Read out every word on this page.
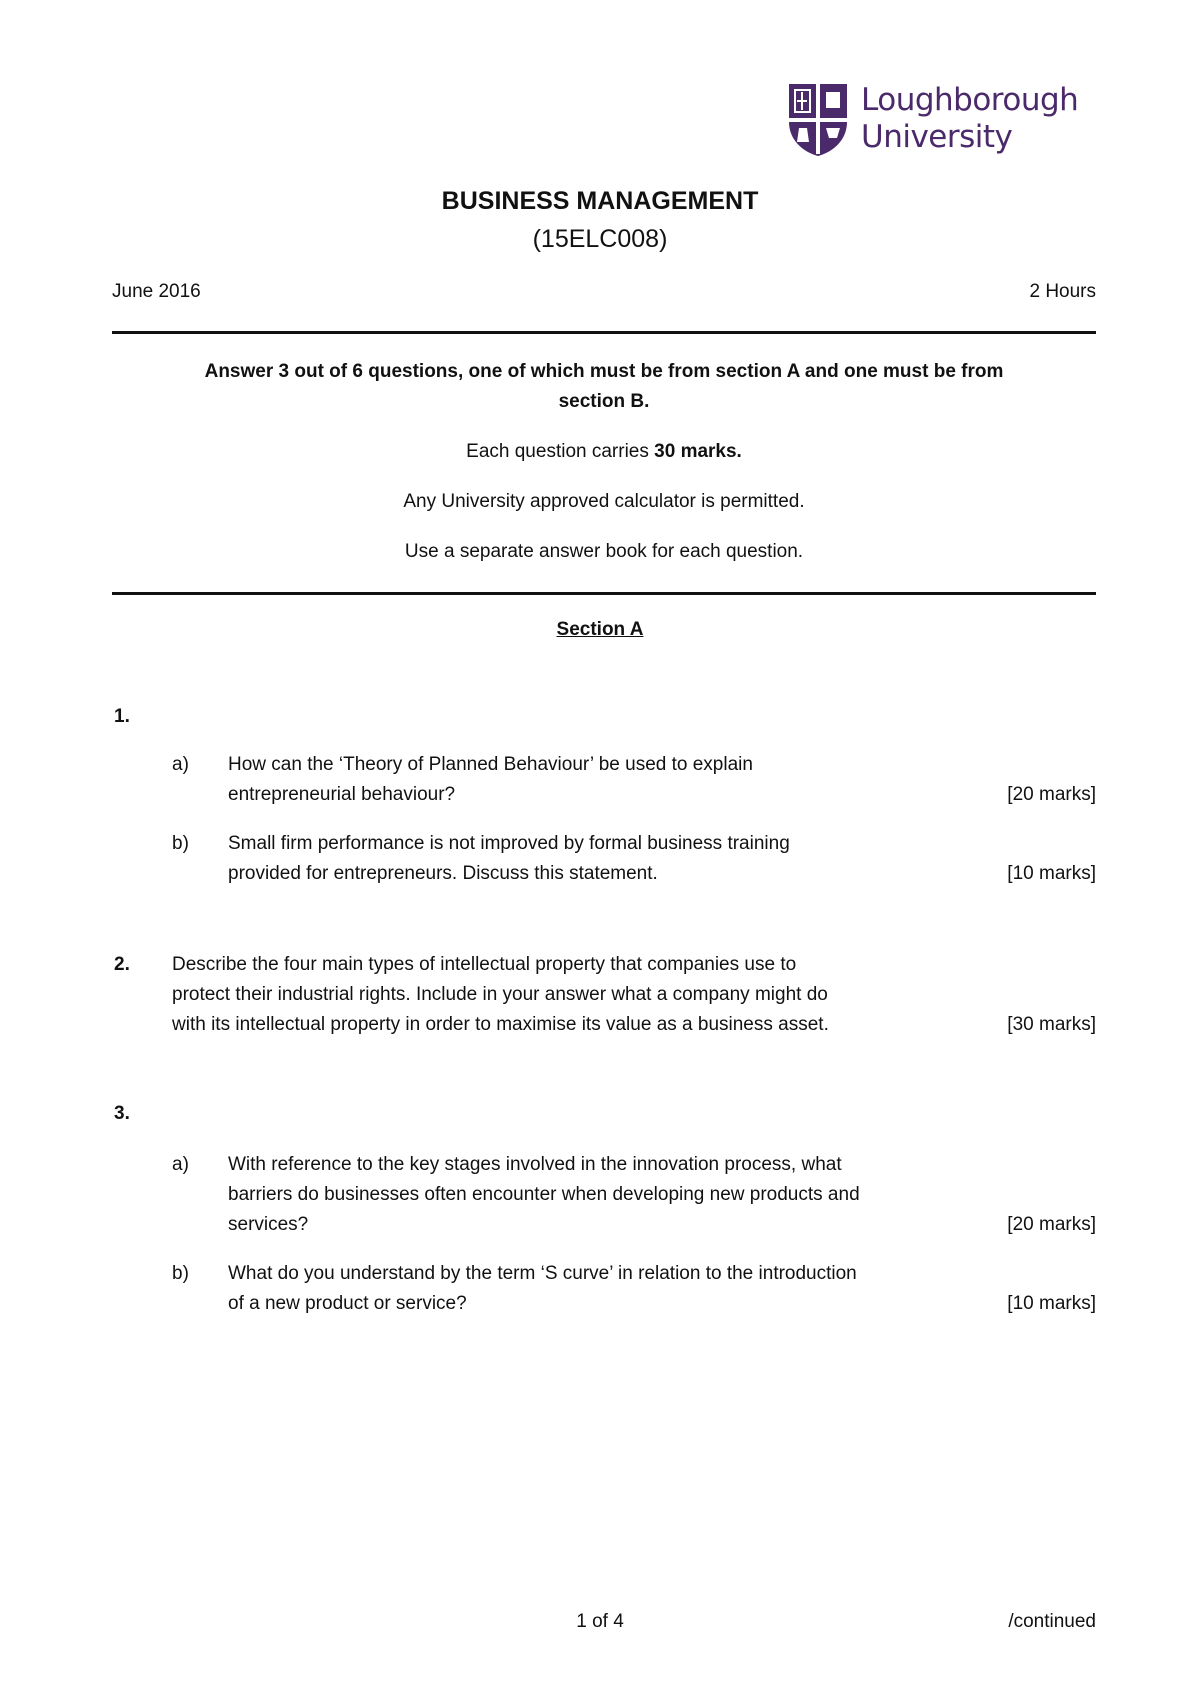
Loughborough
University
BUSINESS MANAGEMENT
(15ELC008)
June 2016	2 Hours

Answer 3 out of 6 questions, one of which must be from section A and one must be from

section B.

Each question carries 30 marks.

Any University approved calculator is permitted.

Use a separate answer book for each question.

Section A
1.
a) How can the ‘Theory of Planned Behaviour’ be used to explain
entrepreneurial behaviour?	[20 marks]
b) Small firm performance is not improved by formal business training
provided for entrepreneurs. Discuss this statement.	[10 marks]
2. Describe the four main types of intellectual property that companies use to
protect their industrial rights. Include in your answer what a company might do
with its intellectual property in order to maximise its value as a business asset.	[30 marks]
3.
a) With reference to the key stages involved in the innovation process, what
barriers do businesses often encounter when developing new products and
services?	[20 marks]
b) What do you understand by the term ‘S curve’ in relation to the introduction
of a new product or service?	[10 marks]
1 of 4	/continued
